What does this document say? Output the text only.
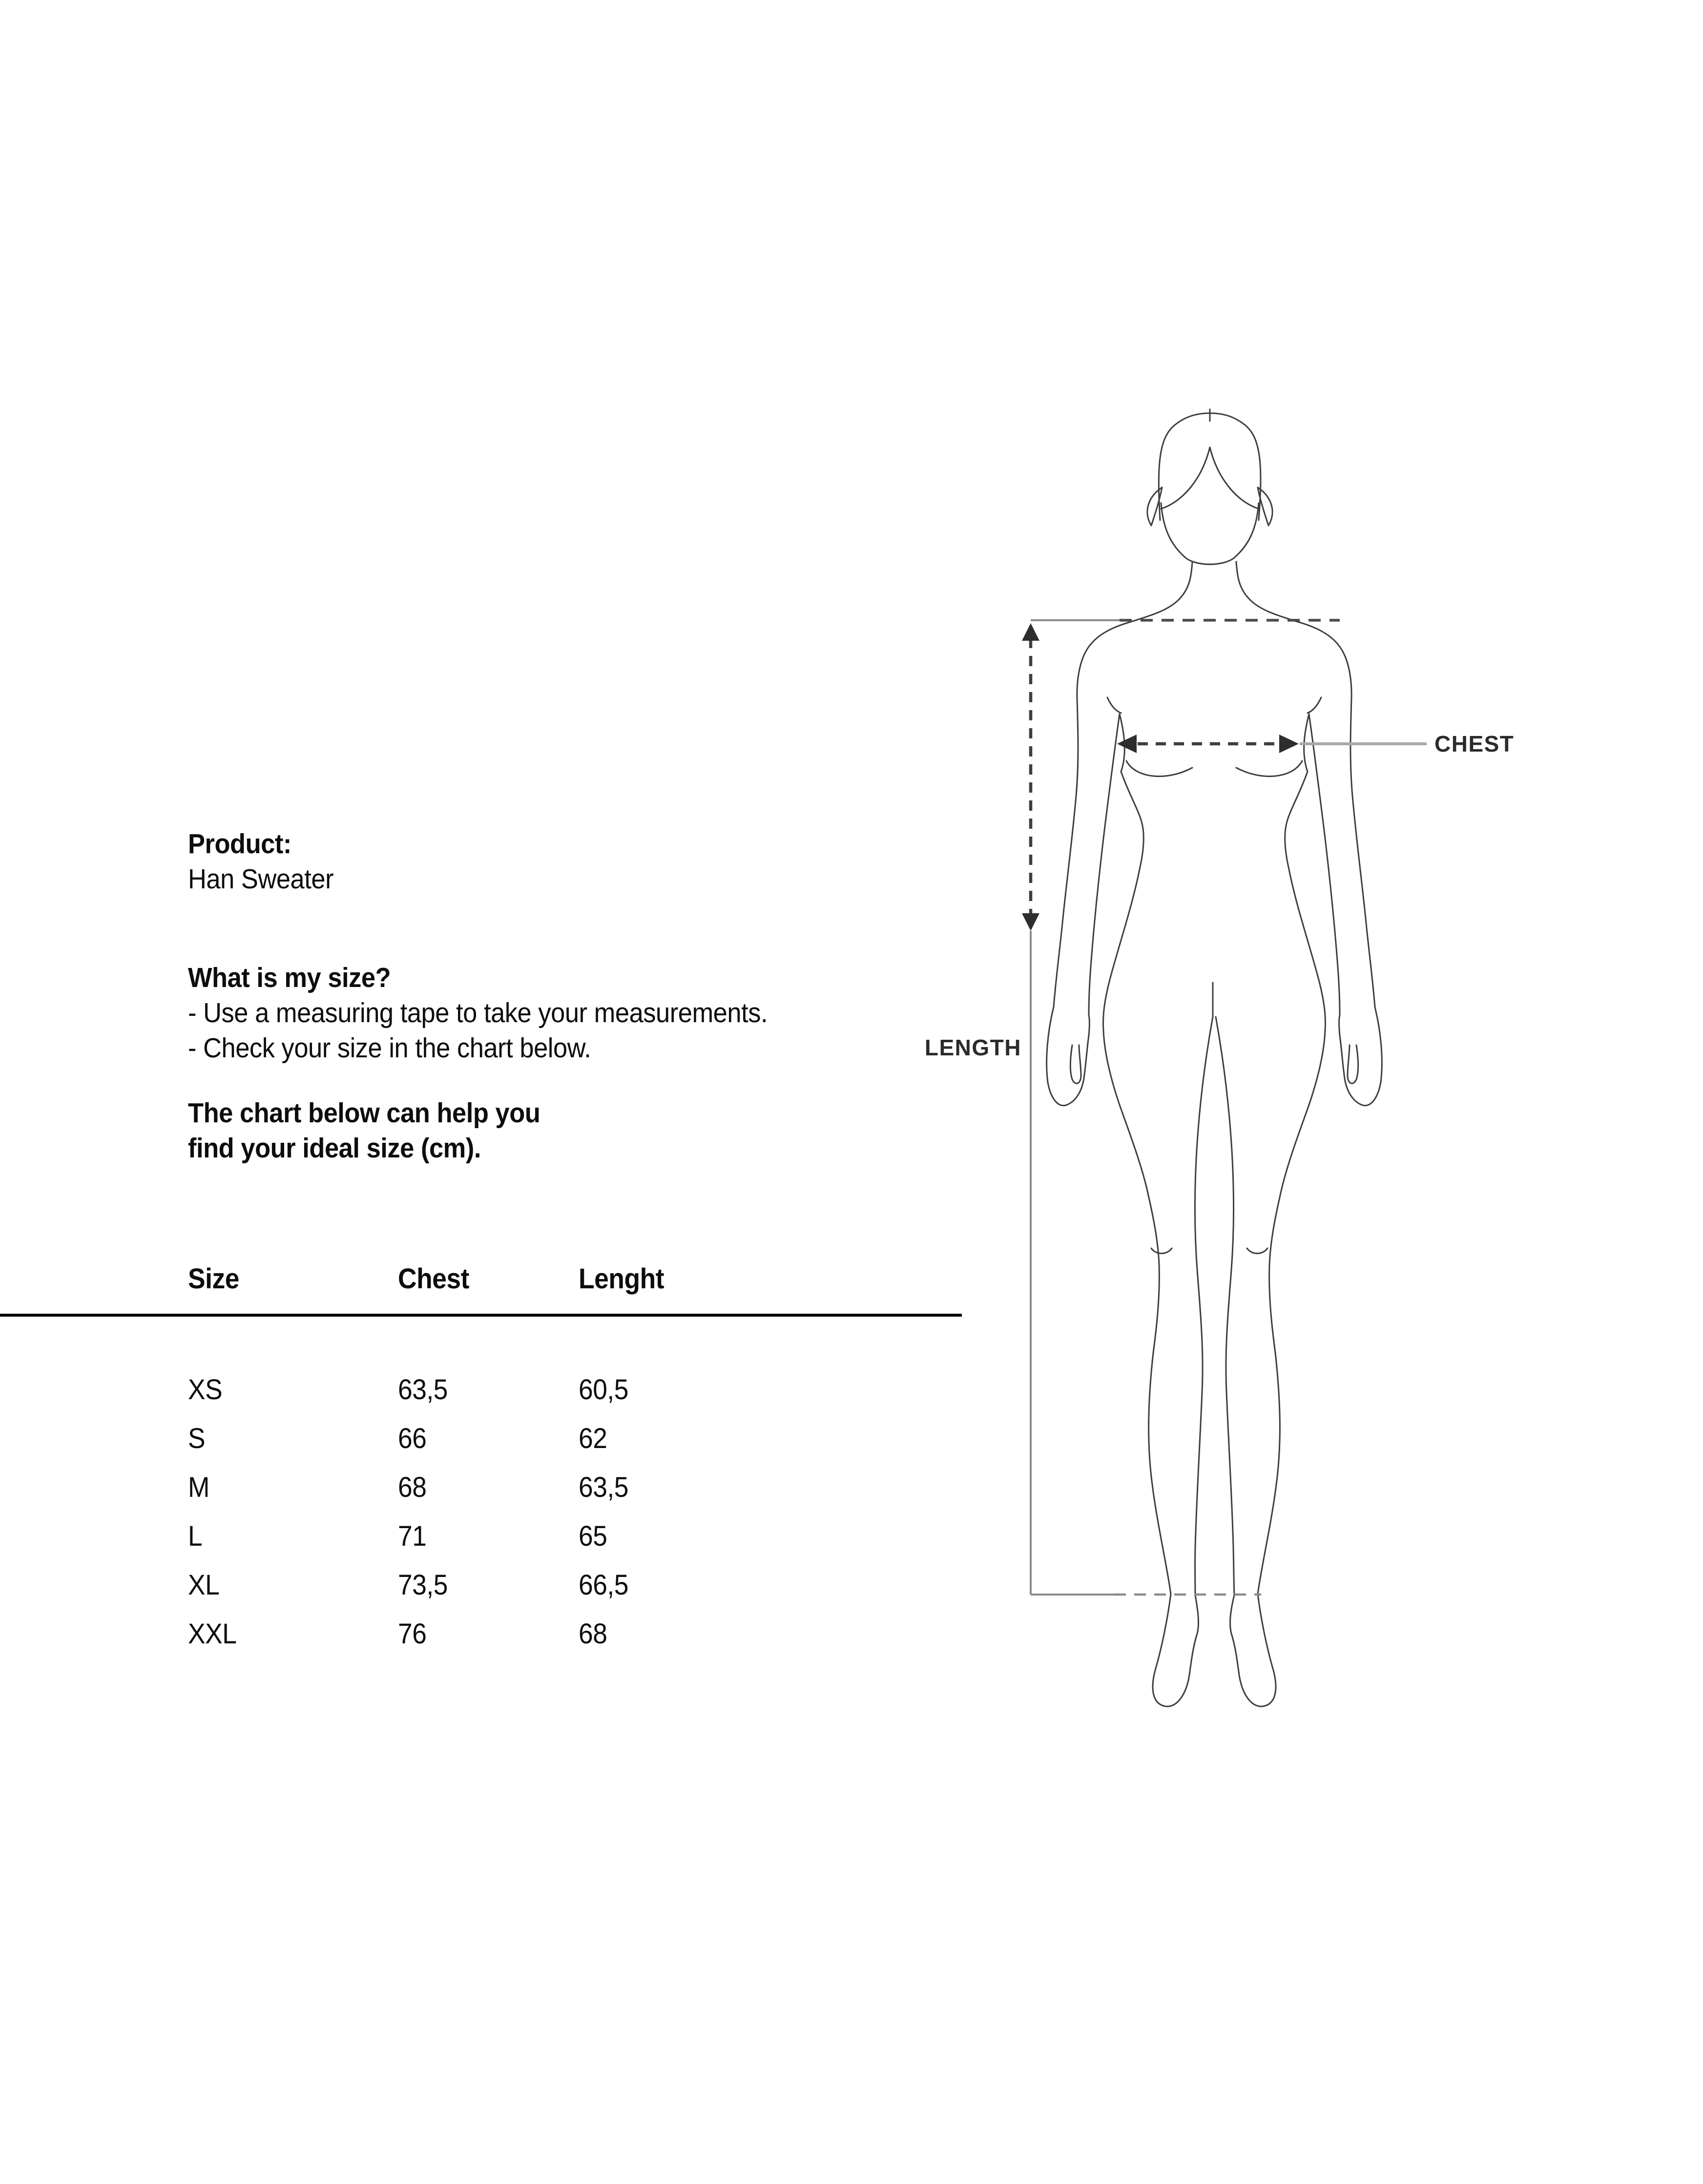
Product:
Han Sweater
What is my size?
- Use a measuring tape to take your measurements.
- Check your size in the chart below.
The chart below can help you
find your ideal size (cm).
Size	Chest	Lenght
XS	63,5	60,5
S	66	62
M	68	63,5
L	71	65
XL	73,5	66,5
XXL	76	68
CHEST
LENGTH
